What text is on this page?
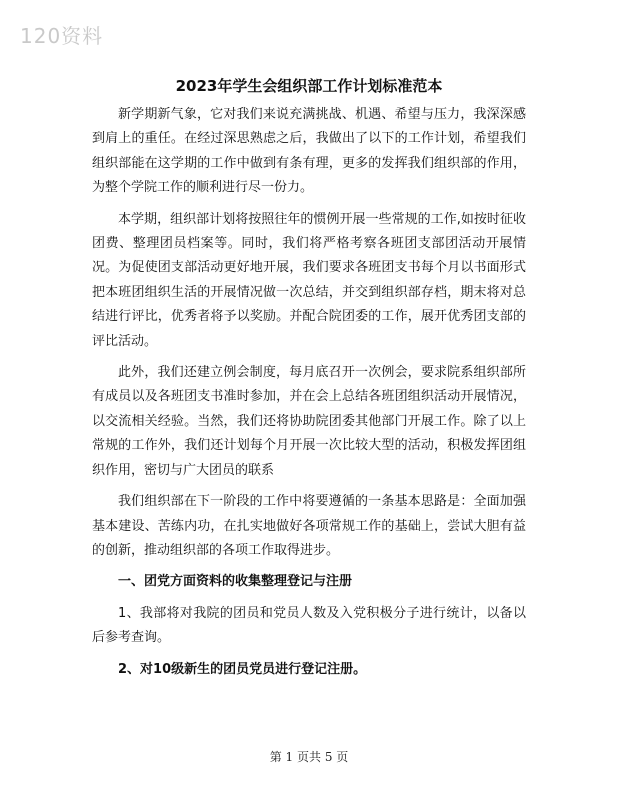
120资料
2023年学生会组织部工作计划标准范本

新学期新气象，它对我们来说充满挑战、机遇、希望与压力，我深深感到肩上的重任。在经过深思熟虑之后，我做出了以下的工作计划，希望我们组织部能在这学期的工作中做到有条有理，更多的发挥我们组织部的作用，为整个学院工作的顺利进行尽一份力。

本学期，组织部计划将按照往年的惯例开展一些常规的工作,如按时征收团费、整理团员档案等。同时，我们将严格考察各班团支部团活动开展情况。为促使团支部活动更好地开展，我们要求各班团支书每个月以书面形式把本班团组织生活的开展情况做一次总结，并交到组织部存档，期末将对总结进行评比，优秀者将予以奖励。并配合院团委的工作，展开优秀团支部的评比活动。

此外，我们还建立例会制度，每月底召开一次例会，要求院系组织部所有成员以及各班团支书准时参加，并在会上总结各班团组织活动开展情况，以交流相关经验。当然，我们还将协助院团委其他部门开展工作。除了以上常规的工作外，我们还计划每个月开展一次比较大型的活动，积极发挥团组织作用，密切与广大团员的联系

我们组织部在下一阶段的工作中将要遵循的一条基本思路是：全面加强基本建设、苦练内功，在扎实地做好各项常规工作的基础上，尝试大胆有益的创新，推动组织部的各项工作取得进步。

一、团党方面资料的收集整理登记与注册

1、我部将对我院的团员和党员人数及入党积极分子进行统计，以备以后参考查询。

2、对10级新生的团员党员进行登记注册。

第 1 页共 5 页
